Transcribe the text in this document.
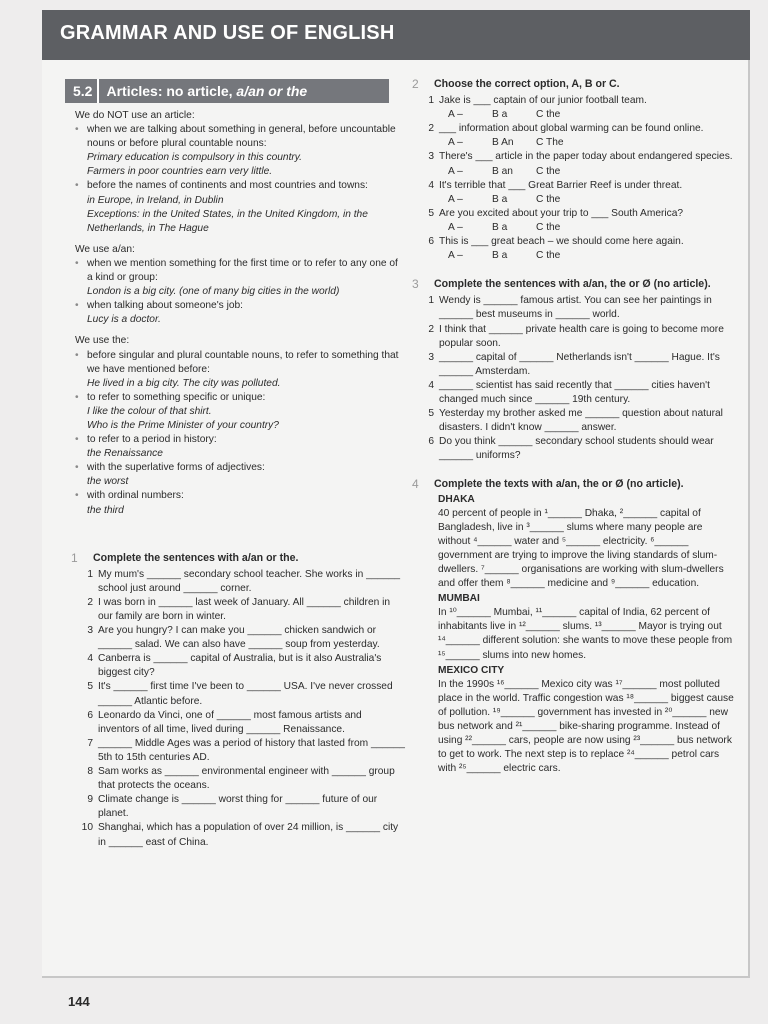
GRAMMAR AND USE OF ENGLISH
5.2	Articles: no article, a/an or the
We do NOT use an article:
• when we are talking about something in general, before uncountable nouns or before plural countable nouns:
Primary education is compulsory in this country.
Farmers in poor countries earn very little.
• before the names of continents and most countries and towns:
in Europe, in Ireland, in Dublin
Exceptions: in the United States, in the United Kingdom, in the Netherlands, in The Hague
We use a/an:
• when we mention something for the first time or to refer to any one of a kind or group:
London is a big city. (one of many big cities in the world)
• when talking about someone's job:
Lucy is a doctor.
We use the:
• before singular and plural countable nouns, to refer to something that we have mentioned before:
He lived in a big city. The city was polluted.
• to refer to something specific or unique:
I like the colour of that shirt.
Who is the Prime Minister of your country?
• to refer to a period in history:
the Renaissance
• with the superlative forms of adjectives:
the worst
• with ordinal numbers:
the third
1	Complete the sentences with a/an or the.
1 My mum's ______ secondary school teacher. She works in ______ school just around ______ corner.
2 I was born in ______ last week of January. All ______ children in our family are born in winter.
3 Are you hungry? I can make you ______ chicken sandwich or ______ salad. We can also have ______ soup from yesterday.
4 Canberra is ______ capital of Australia, but is it also Australia's biggest city?
5 It's ______ first time I've been to ______ USA. I've never crossed ______ Atlantic before.
6 Leonardo da Vinci, one of ______ most famous artists and inventors of all time, lived during ______ Renaissance.
7 ______ Middle Ages was a period of history that lasted from ______ 5th to 15th centuries AD.
8 Sam works as ______ environmental engineer with ______ group that protects the oceans.
9 Climate change is ______ worst thing for ______ future of our planet.
10 Shanghai, which has a population of over 24 million, is ______ city in ______ east of China.
2	Choose the correct option, A, B or C.
1 Jake is ___ captain of our junior football team.
A –	B a	C the
2 ___ information about global warming can be found online.
A –	B An	C The
3 There's ___ article in the paper today about endangered species.
A –	B an	C the
4 It's terrible that ___ Great Barrier Reef is under threat.
A –	B a	C the
5 Are you excited about your trip to ___ South America?
A –	B a	C the
6 This is ___ great beach – we should come here again.
A –	B a	C the
3	Complete the sentences with a/an, the or Ø (no article).
1 Wendy is ______ famous artist. You can see her paintings in ______ best museums in ______ world.
2 I think that ______ private health care is going to become more popular soon.
3 ______ capital of ______ Netherlands isn't ______ Hague. It's ______ Amsterdam.
4 ______ scientist has said recently that ______ cities haven't changed much since ______ 19th century.
5 Yesterday my brother asked me ______ question about natural disasters. I didn't know ______ answer.
6 Do you think ______ secondary school students should wear ______ uniforms?
4	Complete the texts with a/an, the or Ø (no article).
DHAKA
40 percent of people in ¹______ Dhaka, ²______ capital of Bangladesh, live in ³______ slums where many people are without ⁴______ water and ⁵______ electricity. ⁶______ government are trying to improve the living standards of slum-dwellers. ⁷______ organisations are working with slum-dwellers and offer them ⁸______ medicine and ⁹______ education.
MUMBAI
In ¹⁰______ Mumbai, ¹¹______ capital of India, 62 percent of inhabitants live in ¹²______ slums. ¹³______ Mayor is trying out ¹⁴______ different solution: she wants to move these people from ¹⁵______ slums into new homes.
MEXICO CITY
In the 1990s ¹⁶______ Mexico city was ¹⁷______ most polluted place in the world. Traffic congestion was ¹⁸______ biggest cause of pollution. ¹⁹______ government has invested in ²⁰______ new bus network and ²¹______ bike-sharing programme. Instead of using ²²______ cars, people are now using ²³______ bus network to get to work. The next step is to replace ²⁴______ petrol cars with ²⁵______ electric cars.
144
